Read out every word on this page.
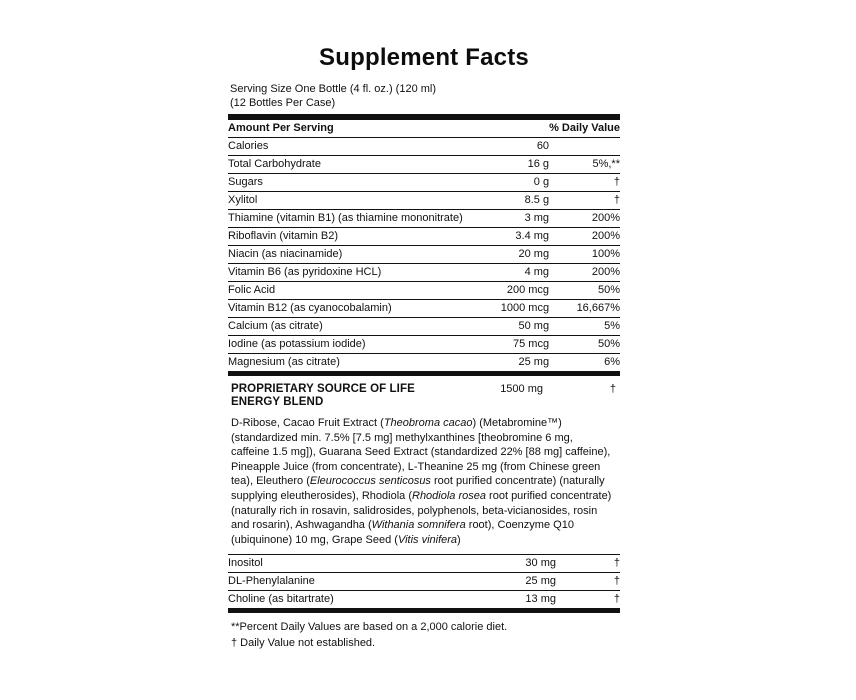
Supplement Facts
Serving Size One Bottle (4 fl. oz.) (120 ml)
(12 Bottles Per Case)
Amount Per Serving		% Daily Value
Calories	60	
Total Carbohydrate	16 g	5%,**
Sugars	0 g	†
Xylitol	8.5 g	†
Thiamine (vitamin B1) (as thiamine mononitrate)	3 mg	200%
Riboflavin (vitamin B2)	3.4 mg	200%
Niacin (as niacinamide)	20 mg	100%
Vitamin B6 (as pyridoxine HCL)	4 mg	200%
Folic Acid	200 mcg	50%
Vitamin B12 (as cyanocobalamin)	1000 mcg	16,667%
Calcium (as citrate)	50 mg	5%
Iodine (as potassium iodide)	75 mcg	50%
Magnesium (as citrate)	25 mg	6%
PROPRIETARY SOURCE OF LIFE
ENERGY BLEND
	1500 mg	†
D-Ribose, Cacao Fruit Extract (Theobroma cacao) (Metabromine™) (standardized min. 7.5% [7.5 mg] methylxanthines [theobromine 6 mg, caffeine 1.5 mg]), Guarana Seed Extract (standardized 22% [88 mg] caffeine), Pineapple Juice (from concentrate), L-Theanine 25 mg (from Chinese green tea), Eleuthero (Eleurococcus senticosus root purified concentrate) (naturally supplying eleutherosides), Rhodiola (Rhodiola rosea root purified concentrate) (naturally rich in rosavin, salidrosides, polyphenols, beta-vicianosides, rosin and rosarin), Ashwagandha (Withania somnifera root), Coenzyme Q10 (ubiquinone) 10 mg, Grape Seed (Vitis vinifera)
Inositol	30 mg	†
DL-Phenylalanine	25 mg	†
Choline (as bitartrate)	13 mg	†
**Percent Daily Values are based on a 2,000 calorie diet.
† Daily Value not established.
